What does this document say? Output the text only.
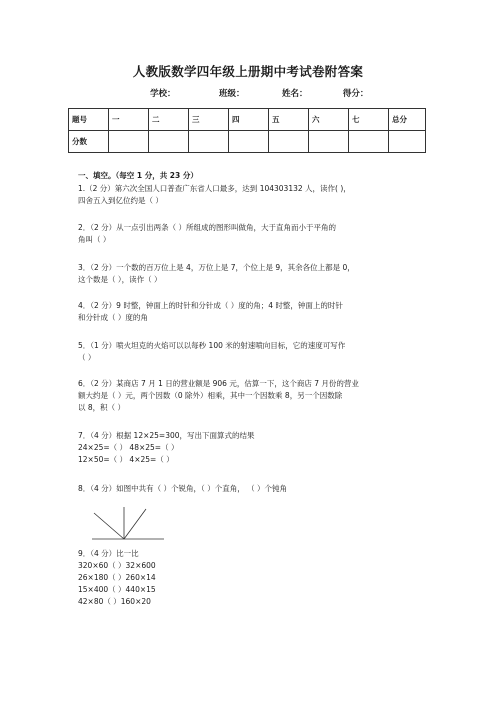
人教版数学四年级上册期中考试卷附答案
学校：	班级：	姓名：	得分：
题号	一	二	三	四	五	六	七	总分
分数								
一、填空。（每空 1 分，共 23 分）

1.（2 分）第六次全国人口普查广东省人口最多，达到 104303132 人，读作( )，

四舍五入到亿位约是（ ）

2．（2 分）从一点引出两条（ ）所组成的图形叫做角，大于直角而小于平角的

角叫（ ）

3．（2 分）一个数的百万位上是 4，万位上是 7，个位上是 9，其余各位上都是 0，

这个数是（ ），读作（ ）

4．（2 分）9 时整，钟面上的时针和分针成（ ）度的角；4 时整，钟面上的时针

和分针成（ ）度的角

5．（1 分）喷火坦克的火焰可以以每秒 100 米的射速喷向目标，它的速度可写作

（ ）

6．（2 分）某商店 7 月 1 日的营业额是 906 元，估算一下，这个商店 7 月份的营业

额大约是（ ）元，两个因数（0 除外）相乘，其中一个因数乘 8，另一个因数除

以 8，积（ ）

7．（4 分）根据 12×25=300，写出下面算式的结果

24×25=（ ） 48×25=（ ）

12×50=（ ） 4×25=（ ）

8．（4 分）如图中共有（ ）个锐角，（ ）个直角， （ ）个钝角

9．（4 分）比一比

320×60（ ）32×600

26×180（ ）260×14

15×400（ ）440×15

42×80（ ）160×20
